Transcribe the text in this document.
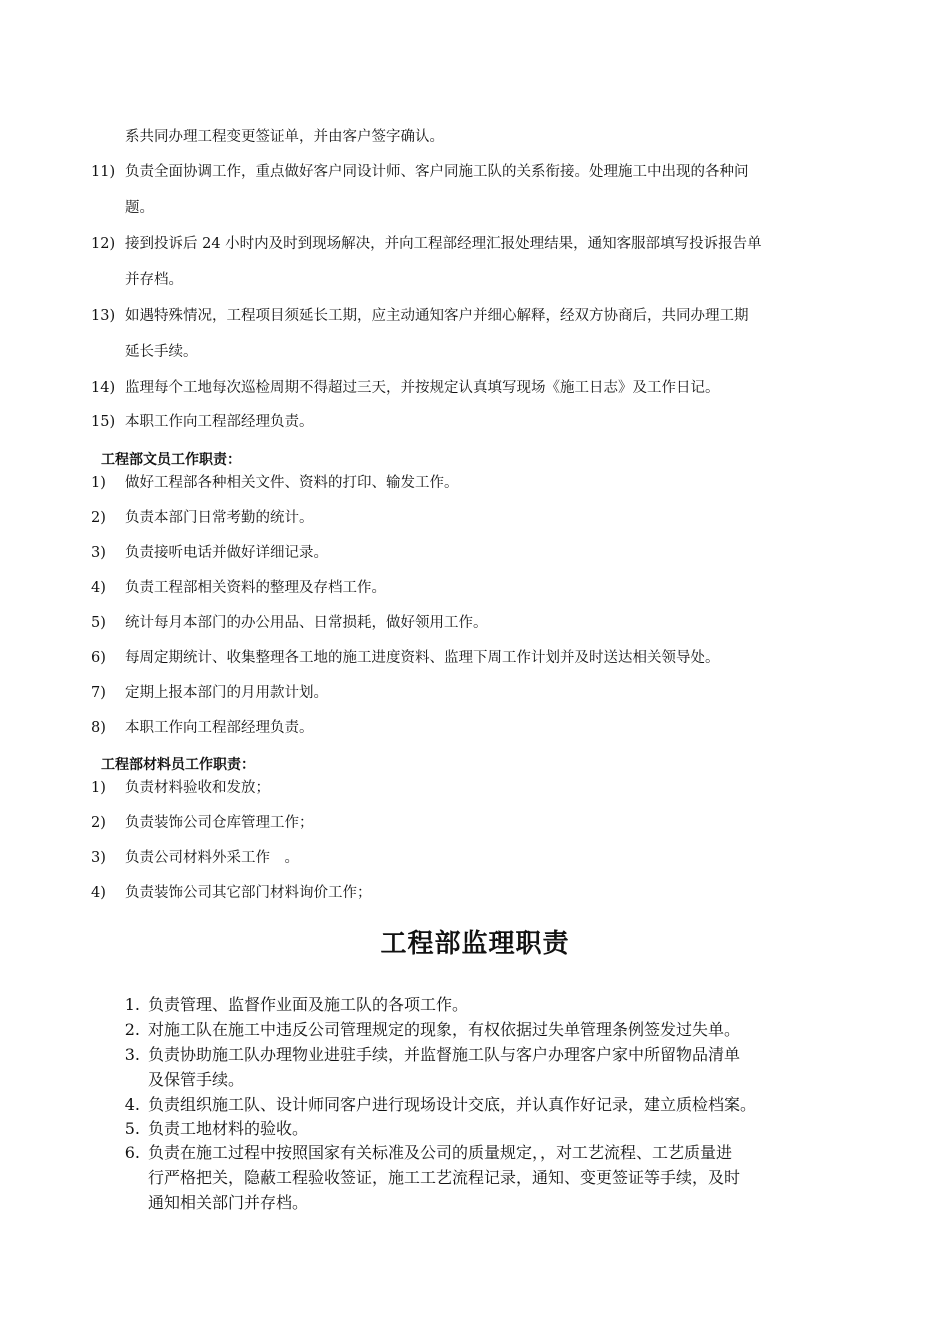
系共同办理工程变更签证单，并由客户签字确认。
11) 负责全面协调工作，重点做好客户同设计师、客户同施工队的关系衔接。处理施工中出现的各种问
题。
12) 接到投诉后 24 小时内及时到现场解决，并向工程部经理汇报处理结果，通知客服部填写投诉报告单
并存档。
13) 如遇特殊情况，工程项目须延长工期，应主动通知客户并细心解释，经双方协商后，共同办理工期
延长手续。
14) 监理每个工地每次巡检周期不得超过三天，并按规定认真填写现场《施工日志》及工作日记。
15) 本职工作向工程部经理负责。
工程部文员工作职责：
1)	做好工程部各种相关文件、资料的打印、输发工作。
2)	负责本部门日常考勤的统计。
3)	负责接听电话并做好详细记录。
4)	负责工程部相关资料的整理及存档工作。
5)	统计每月本部门的办公用品、日常损耗，做好领用工作。
6)	每周定期统计、收集整理各工地的施工进度资料、监理下周工作计划并及时送达相关领导处。
7)	定期上报本部门的月用款计划。
8)	本职工作向工程部经理负责。
工程部材料员工作职责：
1)	负责材料验收和发放；
2)	负责装饰公司仓库管理工作；
3)	负责公司材料外采工作　。
4)	负责装饰公司其它部门材料询价工作；
工程部监理职责
1. 负责管理、监督作业面及施工队的各项工作。
2. 对施工队在施工中违反公司管理规定的现象，有权依据过失单管理条例签发过失单。
3. 负责协助施工队办理物业进驻手续，并监督施工队与客户办理客户家中所留物品清单
及保管手续。
4. 负责组织施工队、设计师同客户进行现场设计交底，并认真作好记录，建立质检档案。
5. 负责工地材料的验收。
6. 负责在施工过程中按照国家有关标准及公司的质量规定，，对工艺流程、工艺质量进
行严格把关，隐蔽工程验收签证，施工工艺流程记录，通知、变更签证等手续，及时
通知相关部门并存档。
